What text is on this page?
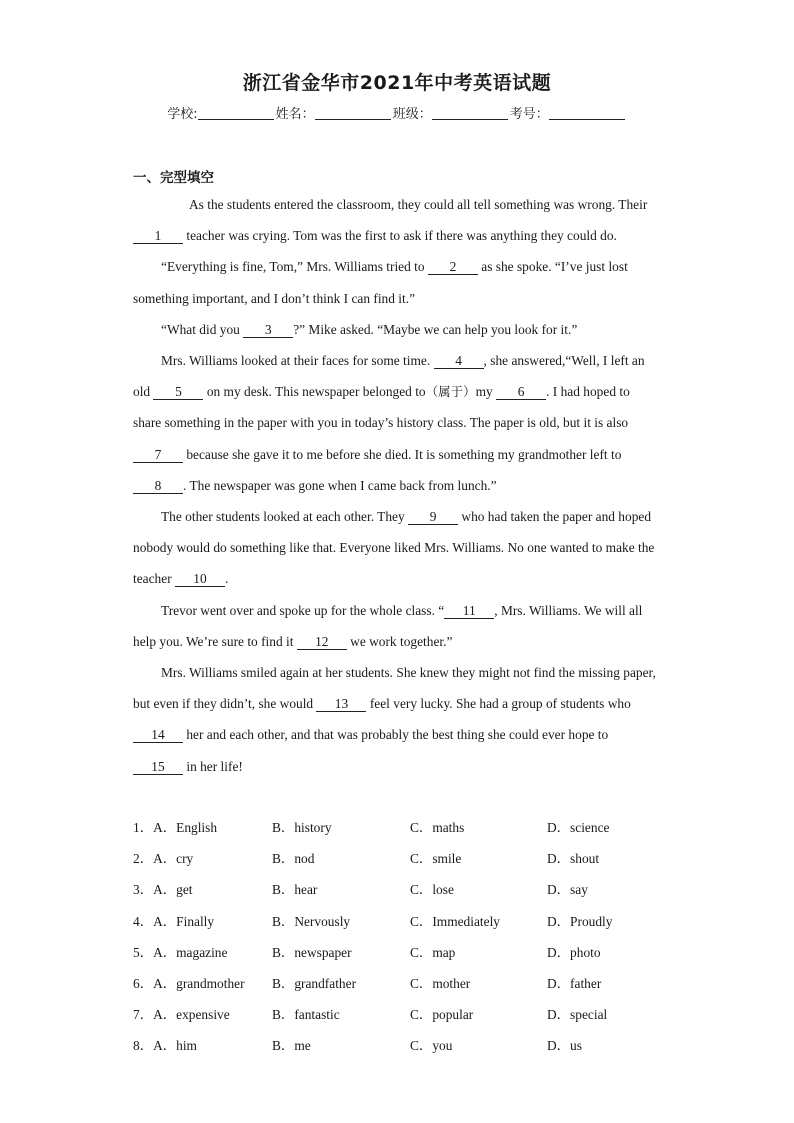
浙江省金华市2021年中考英语试题
学校:	姓名：	班级：	考号：
一、完型填空

As the students entered the classroom, they could all tell something was wrong. Their 1 teacher was crying. Tom was the first to ask if there was anything they could do.

“Everything is fine, Tom,” Mrs. Williams tried to 2 as she spoke. “I’ve just lost something important, and I don’t think I can find it.”

“What did you 3 ?” Mike asked. “Maybe we can help you look for it.”

Mrs. Williams looked at their faces for some time. 4 , she answered,“Well, I left an old 5 on my desk. This newspaper belonged to（属于）my 6 . I had hoped to share something in the paper with you in today’s history class. The paper is old, but it is also 7 because she gave it to me before she died. It is something my grandmother left to 8 . The newspaper was gone when I came back from lunch.”

The other students looked at each other. They 9 who had taken the paper and hoped nobody would do something like that. Everyone liked Mrs. Williams. No one wanted to make the teacher 10 .

Trevor went over and spoke up for the whole class. “ 11 , Mrs. Williams. We will all help you. We’re sure to find it 12 we work together.”

Mrs. Williams smiled again at her students. She knew they might not find the missing paper, but even if they didn’t, she would 13 feel very lucky. She had a group of students who 14 her and each other, and that was probably the best thing she could ever hope to 15 in her life!

1．A．English	B．history	C．maths	D．science
2．A．cry	B．nod	C．smile	D．shout
3．A．get	B．hear	C．lose	D．say
4．A．Finally	B．Nervously	C．Immediately	D．Proudly
5．A．magazine	B．newspaper	C．map	D．photo
6．A．grandmother B．grandfather	C．mother	D．father
7．A．expensive	B．fantastic	C．popular	D．special
8．A．him	B．me	C．you	D．us
